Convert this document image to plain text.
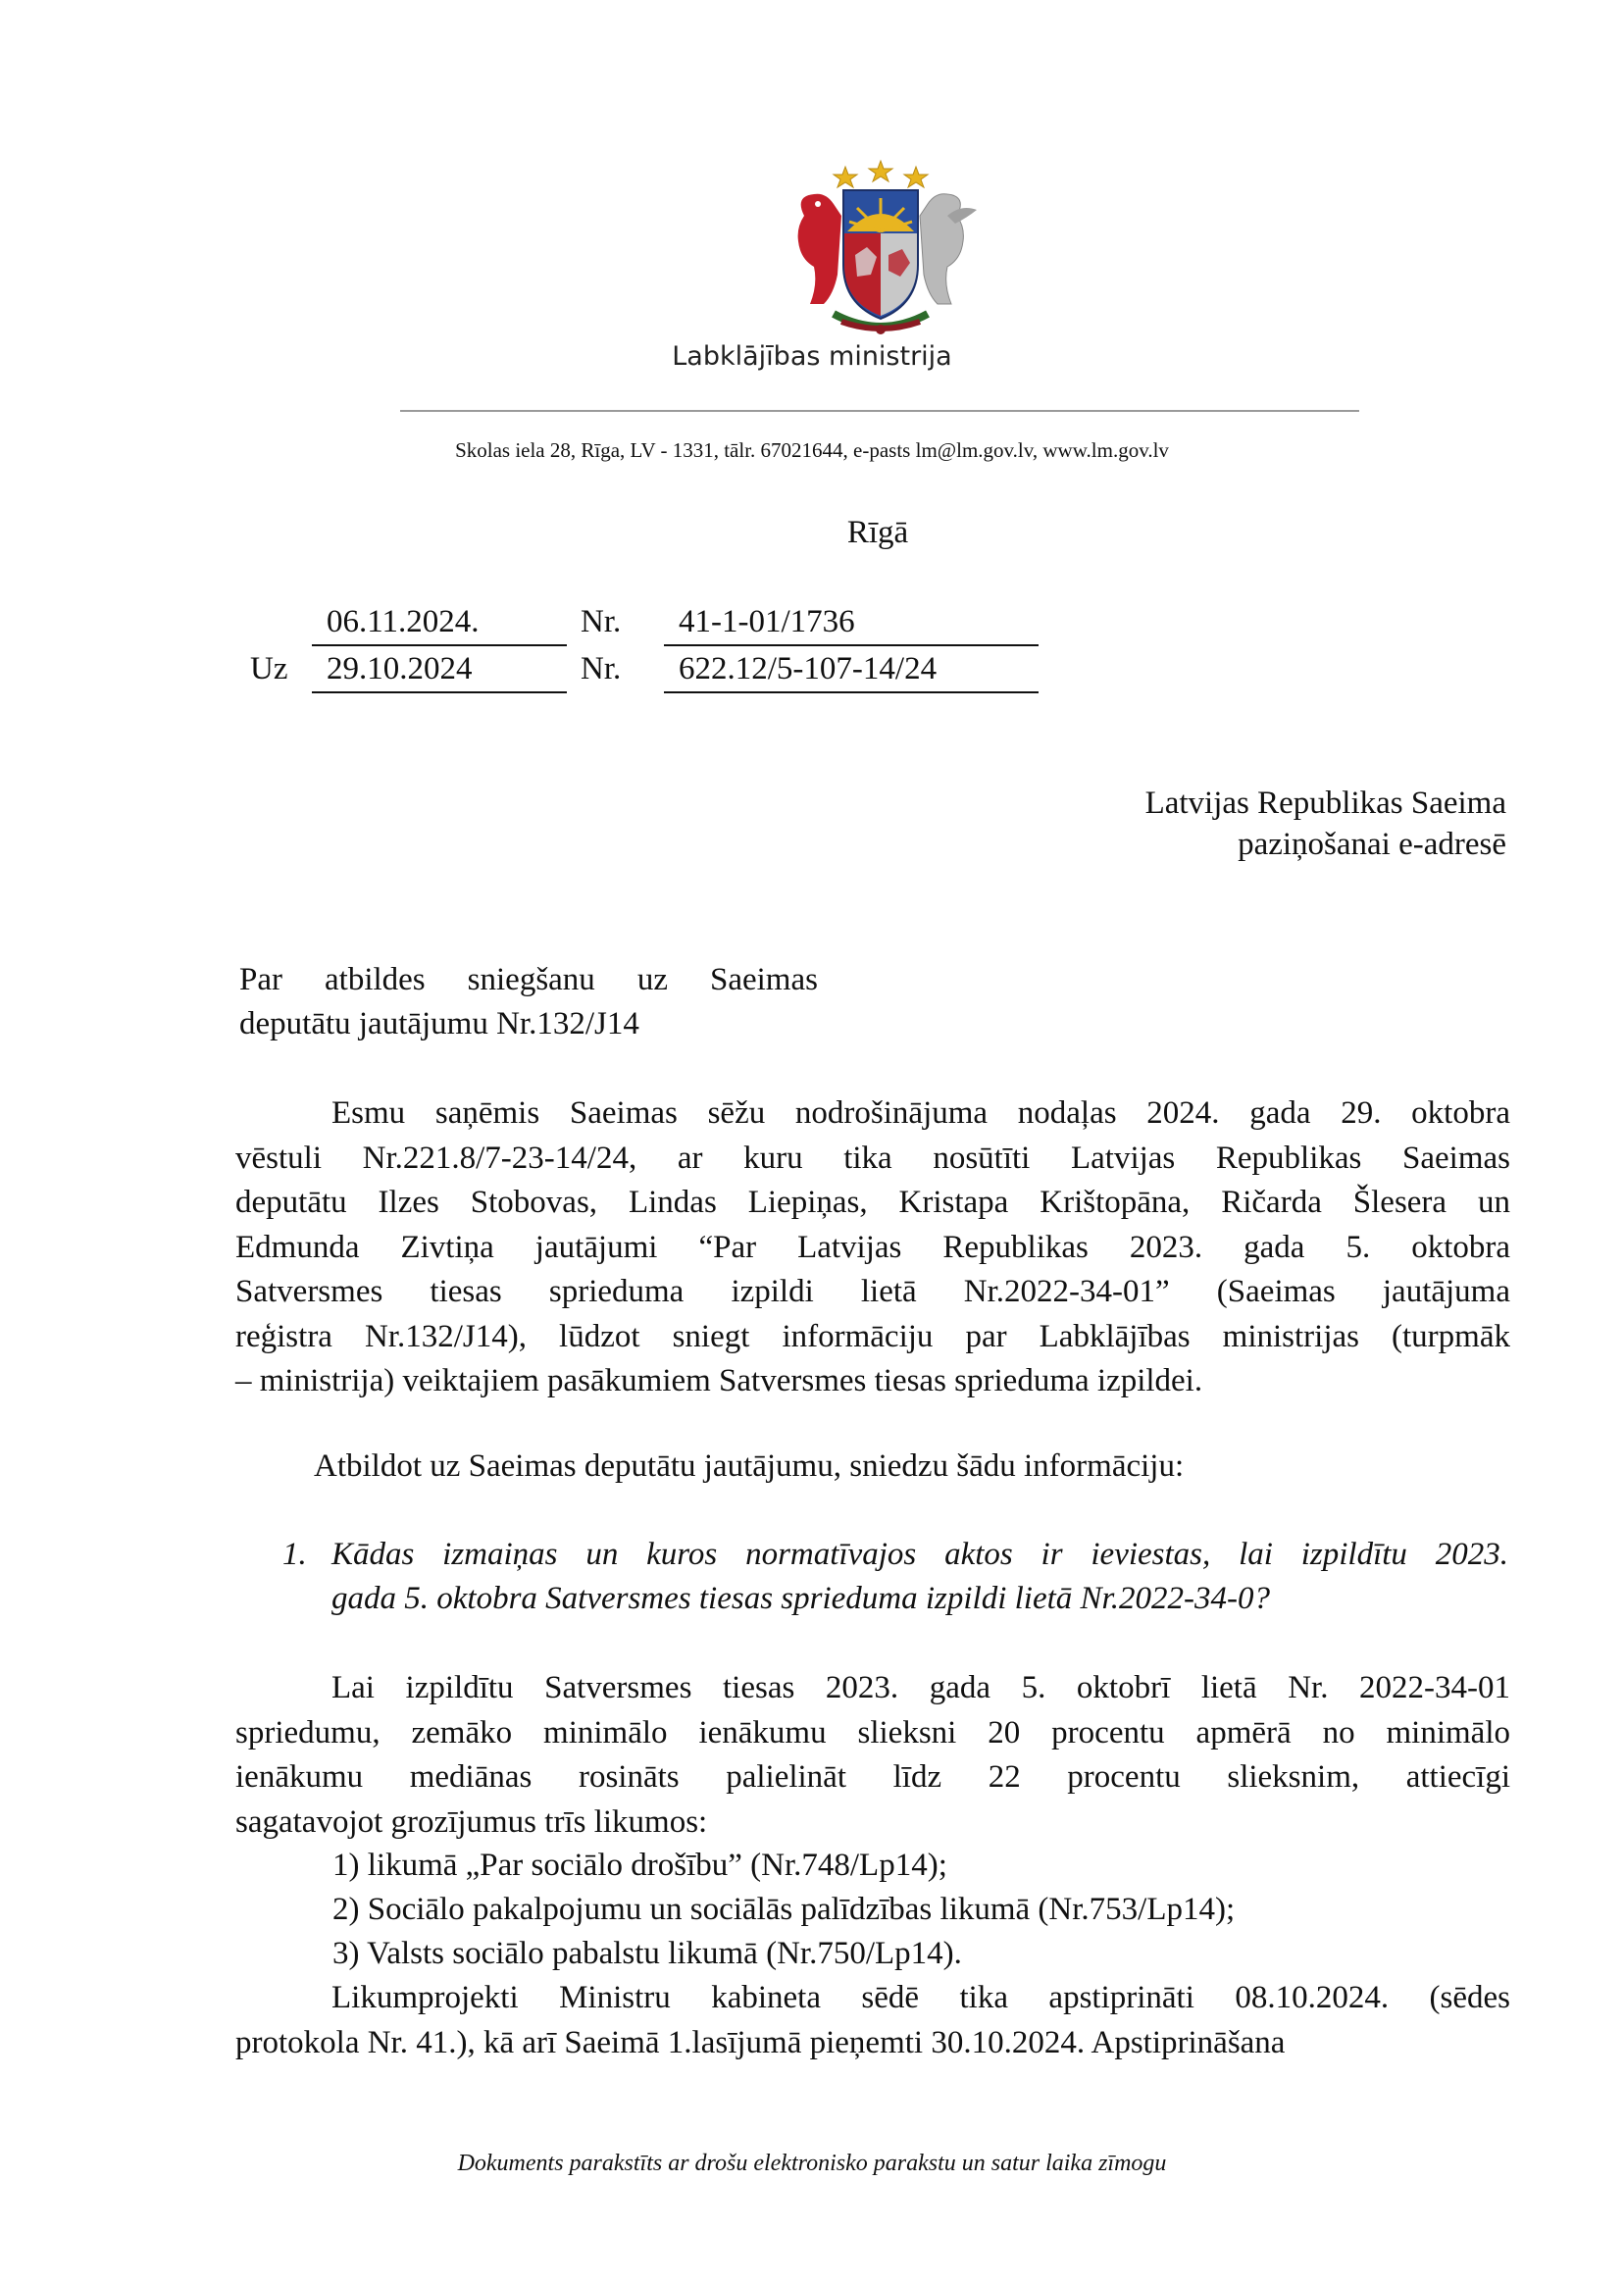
Labklājības ministrija
Skolas iela 28, Rīga, LV - 1331, tālr. 67021644, e-pasts lm@lm.gov.lv, www.lm.gov.lv
Rīgā
06.11.2024.	Nr. 41-1-01/1736
Uz 29.10.2024	Nr. 622.12/5-107-14/24
Latvijas Republikas Saeima
paziņošanai e-adresē
Par atbildes sniegšanu uz Saeimas
deputātu jautājumu Nr.132/J14
Esmu saņēmis Saeimas sēžu nodrošinājuma nodaļas 2024. gada 29. oktobra
vēstuli Nr.221.8/7-23-14/24, ar kuru tika nosūtīti Latvijas Republikas Saeimas
deputātu Ilzes Stobovas, Lindas Liepiņas, Kristapa Krištopāna, Ričarda Šlesera un
Edmunda Zivtiņa jautājumi “Par Latvijas Republikas 2023. gada 5. oktobra
Satversmes tiesas sprieduma izpildi lietā Nr.2022-34-01” (Saeimas jautājuma
reģistra Nr.132/J14), lūdzot sniegt informāciju par Labklājības ministrijas (turpmāk
– ministrija) veiktajiem pasākumiem Satversmes tiesas sprieduma izpildei.
Atbildot uz Saeimas deputātu jautājumu, sniedzu šādu informāciju:
1. Kādas izmaiņas un kuros normatīvajos aktos ir ieviestas, lai izpildītu 2023.
gada 5. oktobra Satversmes tiesas sprieduma izpildi lietā Nr.2022-34-0?
Lai izpildītu Satversmes tiesas 2023. gada 5. oktobrī lietā Nr. 2022-34-01
spriedumu, zemāko minimālo ienākumu slieksni 20 procentu apmērā no minimālo
ienākumu mediānas rosināts palielināt līdz 22 procentu slieksnim, attiecīgi
sagatavojot grozījumus trīs likumos:
1) likumā „Par sociālo drošību” (Nr.748/Lp14);
2) Sociālo pakalpojumu un sociālās palīdzības likumā (Nr.753/Lp14);
3) Valsts sociālo pabalstu likumā (Nr.750/Lp14).
Likumprojekti Ministru kabineta sēdē tika apstiprināti 08.10.2024. (sēdes
protokola Nr. 41.), kā arī Saeimā 1.lasījumā pieņemti 30.10.2024. Apstiprināšana
Dokuments parakstīts ar drošu elektronisko parakstu un satur laika zīmogu
